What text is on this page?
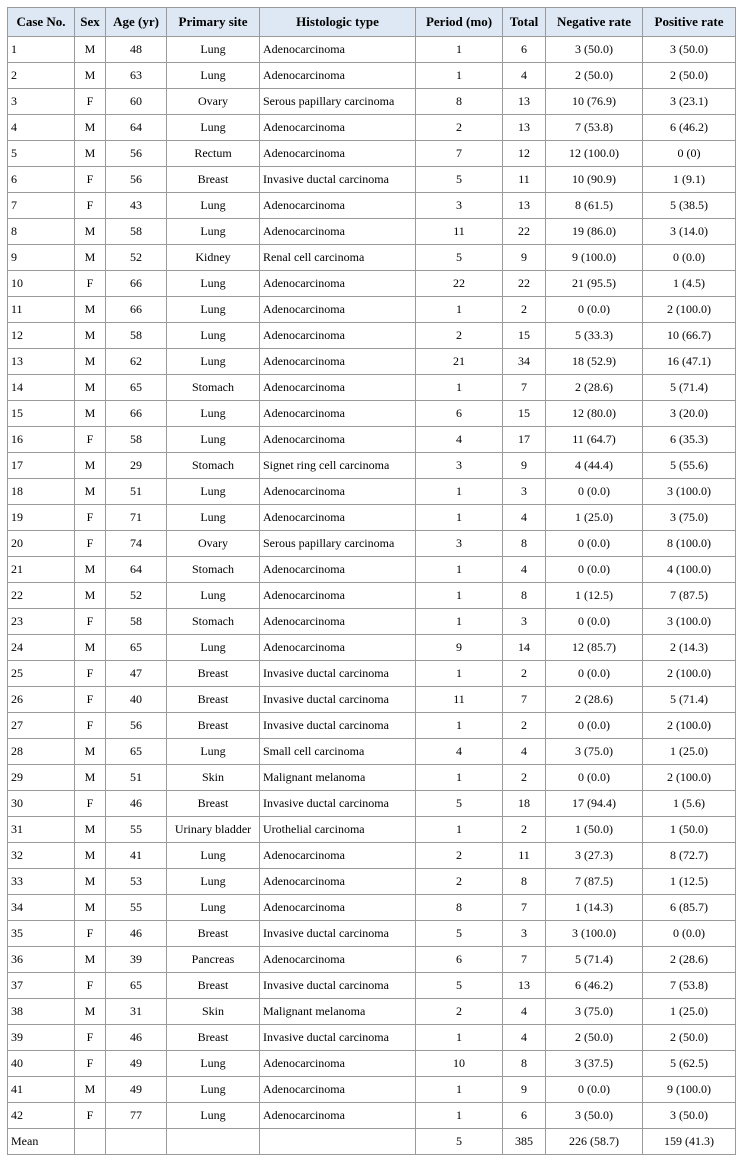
Case No.	Sex	Age (yr)	Primary site	Histologic type	Period (mo)	Total	Negative rate	Positive rate
1	M	48	Lung	Adenocarcinoma	1	6	3 (50.0)	3 (50.0)
2	M	63	Lung	Adenocarcinoma	1	4	2 (50.0)	2 (50.0)
3	F	60	Ovary	Serous papillary carcinoma	8	13	10 (76.9)	3 (23.1)
4	M	64	Lung	Adenocarcinoma	2	13	7 (53.8)	6 (46.2)
5	M	56	Rectum	Adenocarcinoma	7	12	12 (100.0)	0 (0)
6	F	56	Breast	Invasive ductal carcinoma	5	11	10 (90.9)	1 (9.1)
7	F	43	Lung	Adenocarcinoma	3	13	8 (61.5)	5 (38.5)
8	M	58	Lung	Adenocarcinoma	11	22	19 (86.0)	3 (14.0)
9	M	52	Kidney	Renal cell carcinoma	5	9	9 (100.0)	0 (0.0)
10	F	66	Lung	Adenocarcinoma	22	22	21 (95.5)	1 (4.5)
11	M	66	Lung	Adenocarcinoma	1	2	0 (0.0)	2 (100.0)
12	M	58	Lung	Adenocarcinoma	2	15	5 (33.3)	10 (66.7)
13	M	62	Lung	Adenocarcinoma	21	34	18 (52.9)	16 (47.1)
14	M	65	Stomach	Adenocarcinoma	1	7	2 (28.6)	5 (71.4)
15	M	66	Lung	Adenocarcinoma	6	15	12 (80.0)	3 (20.0)
16	F	58	Lung	Adenocarcinoma	4	17	11 (64.7)	6 (35.3)
17	M	29	Stomach	Signet ring cell carcinoma	3	9	4 (44.4)	5 (55.6)
18	M	51	Lung	Adenocarcinoma	1	3	0 (0.0)	3 (100.0)
19	F	71	Lung	Adenocarcinoma	1	4	1 (25.0)	3 (75.0)
20	F	74	Ovary	Serous papillary carcinoma	3	8	0 (0.0)	8 (100.0)
21	M	64	Stomach	Adenocarcinoma	1	4	0 (0.0)	4 (100.0)
22	M	52	Lung	Adenocarcinoma	1	8	1 (12.5)	7 (87.5)
23	F	58	Stomach	Adenocarcinoma	1	3	0 (0.0)	3 (100.0)
24	M	65	Lung	Adenocarcinoma	9	14	12 (85.7)	2 (14.3)
25	F	47	Breast	Invasive ductal carcinoma	1	2	0 (0.0)	2 (100.0)
26	F	40	Breast	Invasive ductal carcinoma	11	7	2 (28.6)	5 (71.4)
27	F	56	Breast	Invasive ductal carcinoma	1	2	0 (0.0)	2 (100.0)
28	M	65	Lung	Small cell carcinoma	4	4	3 (75.0)	1 (25.0)
29	M	51	Skin	Malignant melanoma	1	2	0 (0.0)	2 (100.0)
30	F	46	Breast	Invasive ductal carcinoma	5	18	17 (94.4)	1 (5.6)
31	M	55	Urinary bladder	Urothelial carcinoma	1	2	1 (50.0)	1 (50.0)
32	M	41	Lung	Adenocarcinoma	2	11	3 (27.3)	8 (72.7)
33	M	53	Lung	Adenocarcinoma	2	8	7 (87.5)	1 (12.5)
34	M	55	Lung	Adenocarcinoma	8	7	1 (14.3)	6 (85.7)
35	F	46	Breast	Invasive ductal carcinoma	5	3	3 (100.0)	0 (0.0)
36	M	39	Pancreas	Adenocarcinoma	6	7	5 (71.4)	2 (28.6)
37	F	65	Breast	Invasive ductal carcinoma	5	13	6 (46.2)	7 (53.8)
38	M	31	Skin	Malignant melanoma	2	4	3 (75.0)	1 (25.0)
39	F	46	Breast	Invasive ductal carcinoma	1	4	2 (50.0)	2 (50.0)
40	F	49	Lung	Adenocarcinoma	10	8	3 (37.5)	5 (62.5)
41	M	49	Lung	Adenocarcinoma	1	9	0 (0.0)	9 (100.0)
42	F	77	Lung	Adenocarcinoma	1	6	3 (50.0)	3 (50.0)
Mean					5	385	226 (58.7)	159 (41.3)
